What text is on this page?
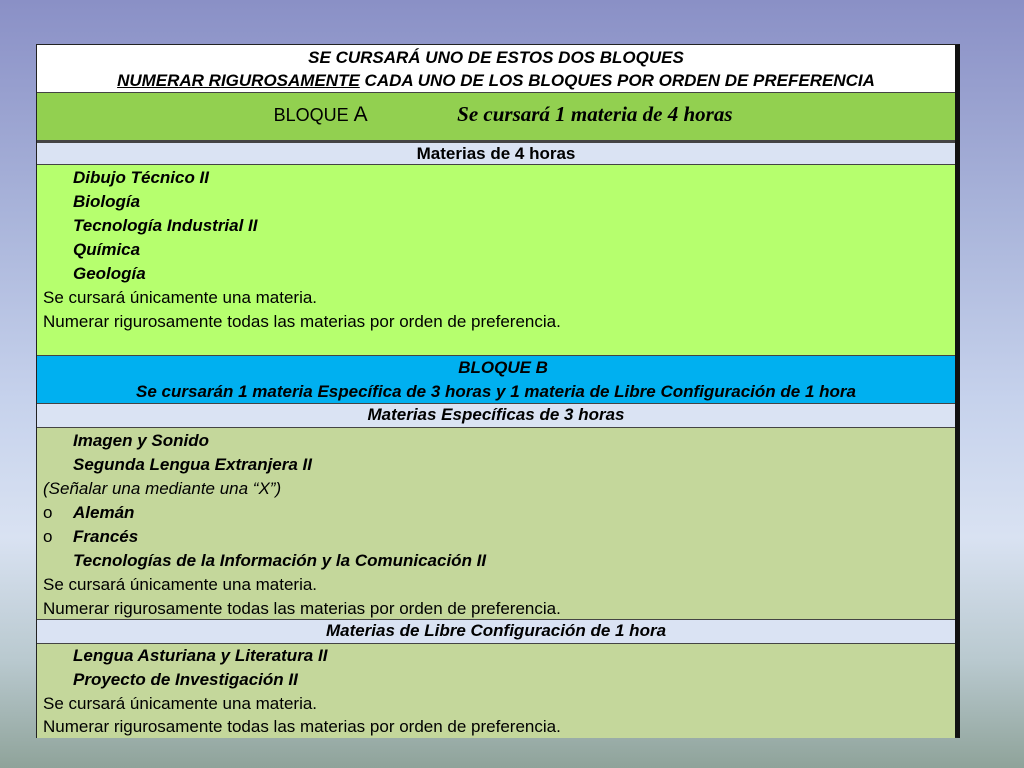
SE CURSARÁ UNO DE ESTOS DOS BLOQUES
NUMERAR RIGUROSAMENTE CADA UNO DE LOS BLOQUES POR ORDEN DE PREFERENCIA
BLOQUE A	Se cursará 1 materia de 4 horas
Materias de 4 horas
Dibujo Técnico II
Biología
Tecnología Industrial II
Química
Geología
Se cursará únicamente una materia.
Numerar rigurosamente todas las materias por orden de preferencia.
BLOQUE B
Se cursarán 1 materia Específica de 3 horas y 1 materia de Libre Configuración de 1 hora
Materias Específicas de 3 horas
Imagen y Sonido
Segunda Lengua Extranjera II
(Señalar una mediante una “X”)
o Alemán
o Francés
Tecnologías de la Información y la Comunicación II
Se cursará únicamente una materia.
Numerar rigurosamente todas las materias por orden de preferencia.
Materias de Libre Configuración de 1 hora
Lengua Asturiana y Literatura II
Proyecto de Investigación II
Se cursará únicamente una materia.
Numerar rigurosamente todas las materias por orden de preferencia.
